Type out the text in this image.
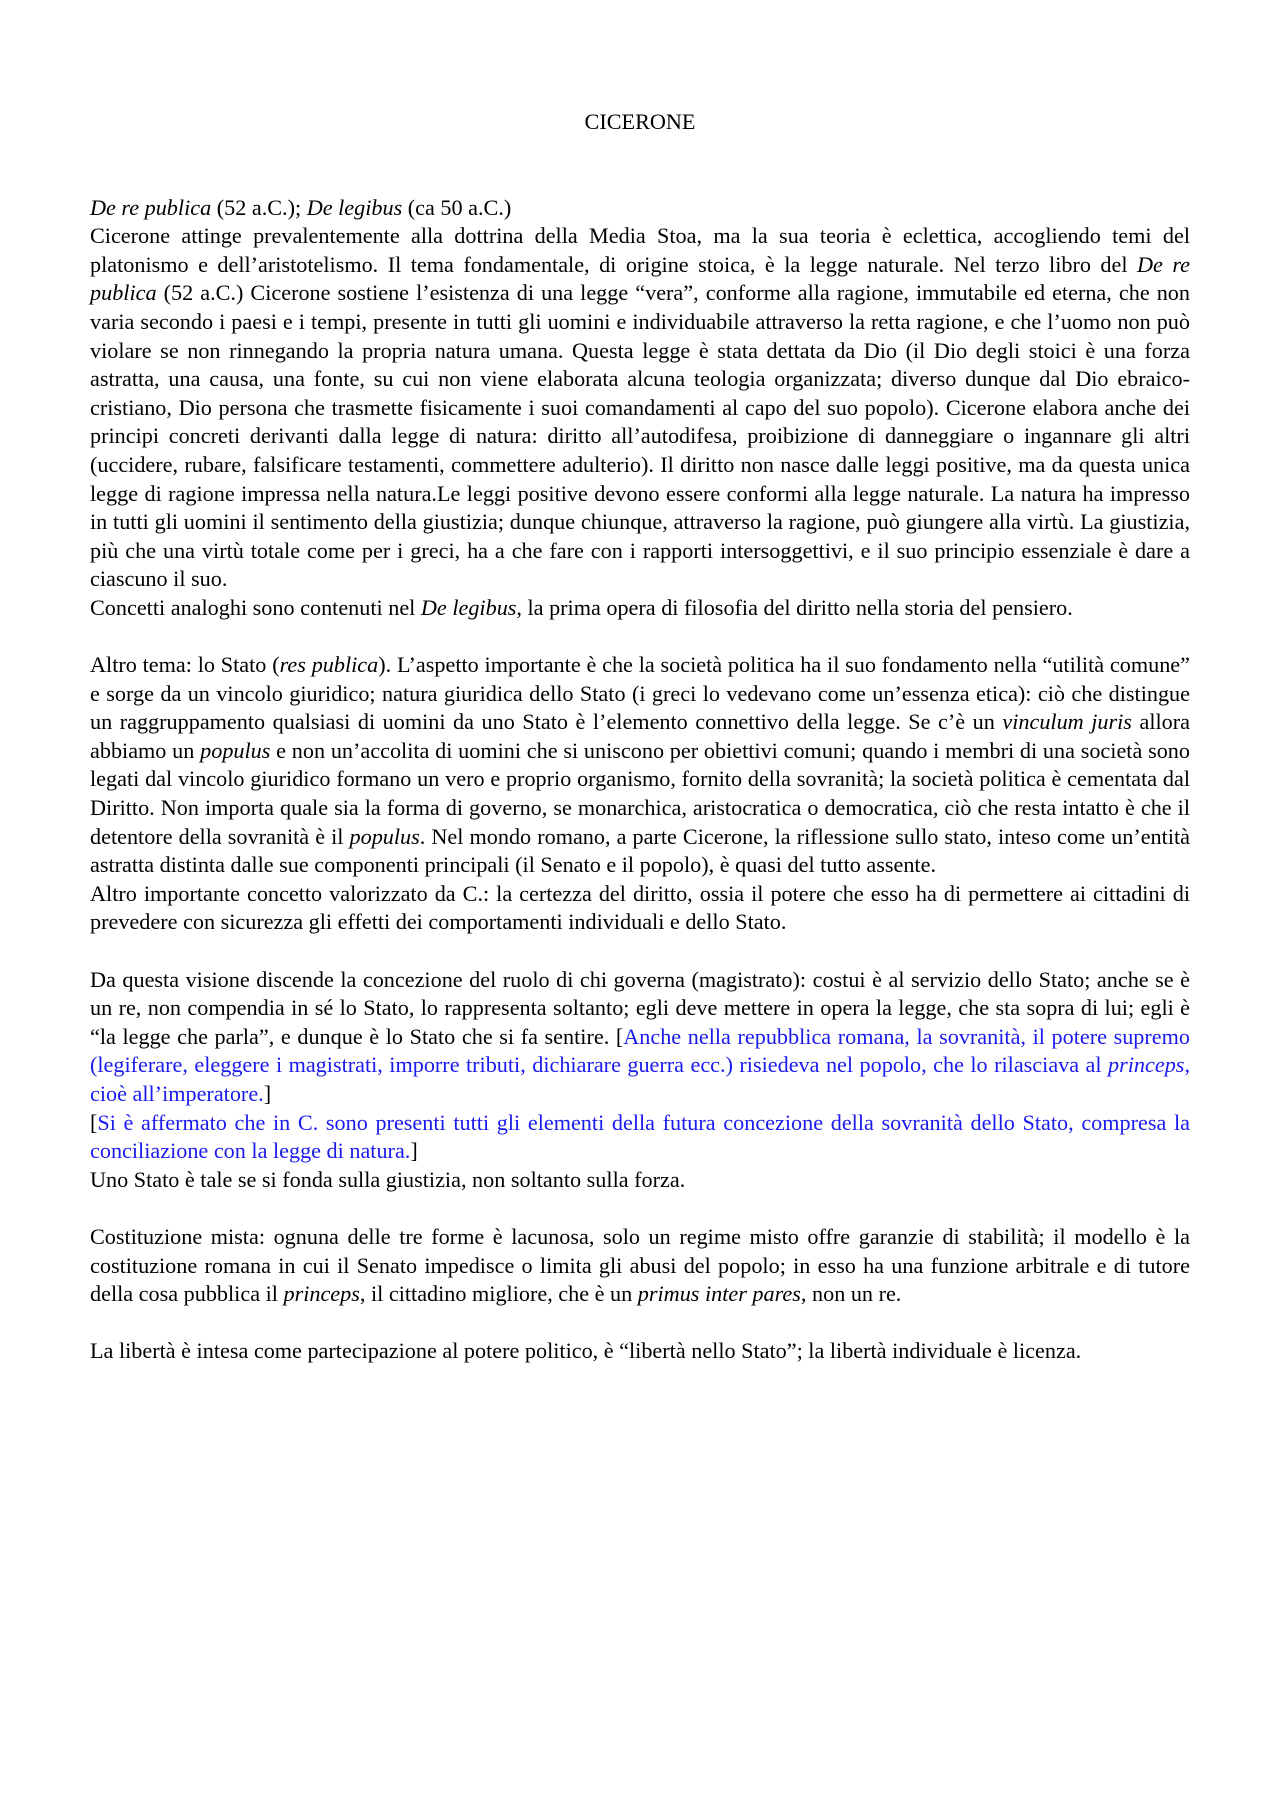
CICERONE

De re publica (52 a.C.); De legibus (ca 50 a.C.)

Cicerone attinge prevalentemente alla dottrina della Media Stoa, ma la sua teoria è eclettica, accogliendo temi del platonismo e dell’aristotelismo. Il tema fondamentale, di origine stoica, è la legge naturale. Nel terzo libro del De re publica (52 a.C.) Cicerone sostiene l’esistenza di una legge “vera”, conforme alla ragione, immutabile ed eterna, che non varia secondo i paesi e i tempi, presente in tutti gli uomini e individuabile attraverso la retta ragione, e che l’uomo non può violare se non rinnegando la propria natura umana. Questa legge è stata dettata da Dio (il Dio degli stoici è una forza astratta, una causa, una fonte, su cui non viene elaborata alcuna teologia organizzata; diverso dunque dal Dio ebraico-cristiano, Dio persona che trasmette fisicamente i suoi comandamenti al capo del suo popolo). Cicerone elabora anche dei principi concreti derivanti dalla legge di natura: diritto all’autodifesa, proibizione di danneggiare o ingannare gli altri (uccidere, rubare, falsificare testamenti, commettere adulterio). Il diritto non nasce dalle leggi positive, ma da questa unica legge di ragione impressa nella natura.Le leggi positive devono essere conformi alla legge naturale. La natura ha impresso in tutti gli uomini il sentimento della giustizia; dunque chiunque, attraverso la ragione, può giungere alla virtù. La giustizia, più che una virtù totale come per i greci, ha a che fare con i rapporti intersoggettivi, e il suo principio essenziale è dare a ciascuno il suo.

Concetti analoghi sono contenuti nel De legibus, la prima opera di filosofia del diritto nella storia del pensiero.

Altro tema: lo Stato (res publica). L’aspetto importante è che la società politica ha il suo fondamento nella “utilità comune” e sorge da un vincolo giuridico; natura giuridica dello Stato (i greci lo vedevano come un’essenza etica): ciò che distingue un raggruppamento qualsiasi di uomini da uno Stato è l’elemento connettivo della legge. Se c’è un vinculum juris allora abbiamo un populus e non un’accolita di uomini che si uniscono per obiettivi comuni; quando i membri di una società sono legati dal vincolo giuridico formano un vero e proprio organismo, fornito della sovranità; la società politica è cementata dal Diritto. Non importa quale sia la forma di governo, se monarchica, aristocratica o democratica, ciò che resta intatto è che il detentore della sovranità è il populus. Nel mondo romano, a parte Cicerone, la riflessione sullo stato, inteso come un’entità astratta distinta dalle sue componenti principali (il Senato e il popolo), è quasi del tutto assente.

Altro importante concetto valorizzato da C.: la certezza del diritto, ossia il potere che esso ha di permettere ai cittadini di prevedere con sicurezza gli effetti dei comportamenti individuali e dello Stato.

Da questa visione discende la concezione del ruolo di chi governa (magistrato): costui è al servizio dello Stato; anche se è un re, non compendia in sé lo Stato, lo rappresenta soltanto; egli deve mettere in opera la legge, che sta sopra di lui; egli è “la legge che parla”, e dunque è lo Stato che si fa sentire. [Anche nella repubblica romana, la sovranità, il potere supremo (legiferare, eleggere i magistrati, imporre tributi, dichiarare guerra ecc.) risiedeva nel popolo, che lo rilasciava al princeps, cioè all’imperatore.]

[Si è affermato che in C. sono presenti tutti gli elementi della futura concezione della sovranità dello Stato, compresa la conciliazione con la legge di natura.]

Uno Stato è tale se si fonda sulla giustizia, non soltanto sulla forza.

Costituzione mista: ognuna delle tre forme è lacunosa, solo un regime misto offre garanzie di stabilità; il modello è la costituzione romana in cui il Senato impedisce o limita gli abusi del popolo; in esso ha una funzione arbitrale e di tutore della cosa pubblica il princeps, il cittadino migliore, che è un primus inter pares, non un re.

La libertà è intesa come partecipazione al potere politico, è “libertà nello Stato”; la libertà individuale è licenza.
